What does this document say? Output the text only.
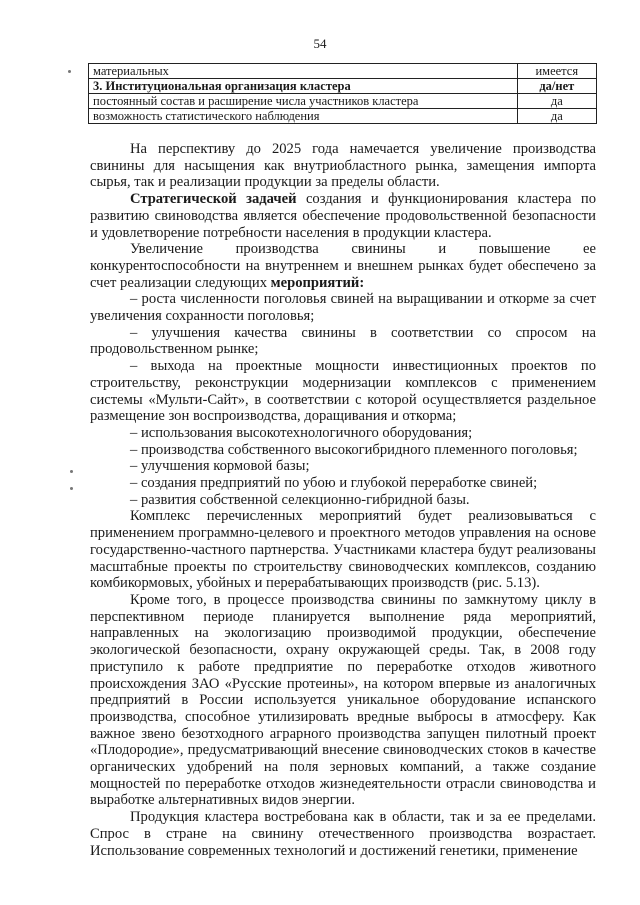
54
материальных	имеется
3. Институциональная организация кластера	да/нет
постоянный состав и расширение числа участников кластера	да
возможность статистического наблюдения	да

На перспективу до 2025 года намечается увеличение производства свинины для насыщения как внутриобластного рынка, замещения импорта сырья, так и реализации продукции за пределы области.

Стратегической задачей создания и функционирования кластера по развитию свиноводства является обеспечение продовольственной безопасности и удовлетворение потребности населения в продукции кластера.

Увеличение производства свинины и повышение ее конкурентоспособности на внутреннем и внешнем рынках будет обеспечено за счет реализации следующих мероприятий:

– роста численности поголовья свиней на выращивании и откорме за счет увеличения сохранности поголовья;

– улучшения качества свинины в соответствии со спросом на продовольственном рынке;

– выхода на проектные мощности инвестиционных проектов по строительству, реконструкции модернизации комплексов с применением системы «Мульти-Сайт», в соответствии с которой осуществляется раздельное размещение зон воспроизводства, доращивания и откорма;

– использования высокотехнологичного оборудования;

– производства собственного высокогибридного племенного поголовья;

– улучшения кормовой базы;

– создания предприятий по убою и глубокой переработке свиней;

– развития собственной селекционно-гибридной базы.

Комплекс перечисленных мероприятий будет реализовываться с применением программно-целевого и проектного методов управления на основе государственно-частного партнерства. Участниками кластера будут реализованы масштабные проекты по строительству свиноводческих комплексов, созданию комбикормовых, убойных и перерабатывающих производств (рис. 5.13).

Кроме того, в процессе производства свинины по замкнутому циклу в перспективном периоде планируется выполнение ряда мероприятий, направленных на экологизацию производимой продукции, обеспечение экологической безопасности, охрану окружающей среды. Так, в 2008 году приступило к работе предприятие по переработке отходов животного происхождения ЗАО «Русские протеины», на котором впервые из аналогичных предприятий в России используется уникальное оборудование испанского производства, способное утилизировать вредные выбросы в атмосферу. Как важное звено безотходного аграрного производства запущен пилотный проект «Плодородие», предусматривающий внесение свиноводческих стоков в качестве органических удобрений на поля зерновых компаний, а также создание мощностей по переработке отходов жизнедеятельности отрасли свиноводства и выработке альтернативных видов энергии.

Продукция кластера востребована как в области, так и за ее пределами. Спрос в стране на свинину отечественного производства возрастает. Использование современных технологий и достижений генетики, применение
